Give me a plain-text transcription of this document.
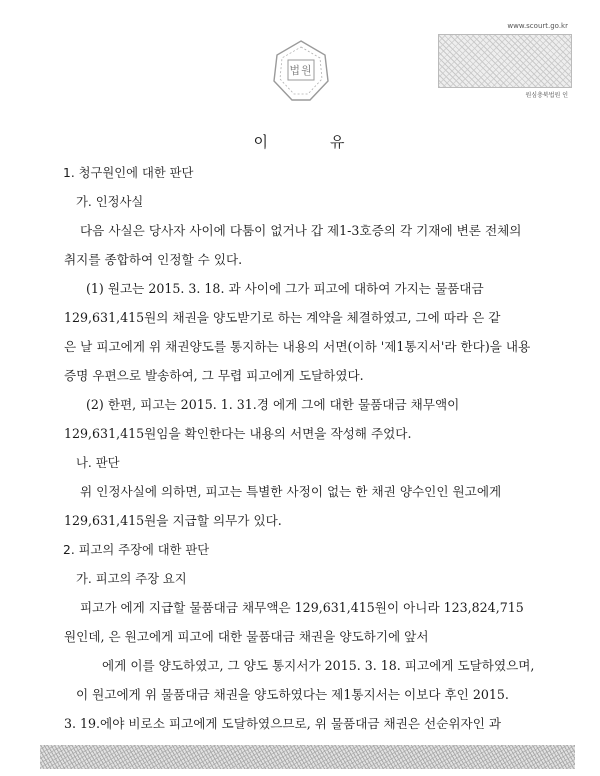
법원
www.scourt.go.kr
원심충북법원 인
이	유
1. 청구원인에 대한 판단
가. 인정사실
다음 사실은 당사자 사이에 다툼이 없거나 갑 제1-3호증의 각 기재에 변론 전체의
취지를 종합하여 인정할 수 있다.
(1) 원고는 2015. 3. 18. 과 사이에 그가 피고에 대하여 가지는 물품대금
129,631,415원의 채권을 양도받기로 하는 계약을 체결하였고, 그에 따라 은 같
은 날 피고에게 위 채권양도를 통지하는 내용의 서면(이하 '제1통지서'라 한다)을 내용
증명 우편으로 발송하여, 그 무렵 피고에게 도달하였다.
(2) 한편, 피고는 2015. 1. 31.경 에게 그에 대한 물품대금 채무액이
129,631,415원임을 확인한다는 내용의 서면을 작성해 주었다.
나. 판단
위 인정사실에 의하면, 피고는 특별한 사정이 없는 한 채권 양수인인 원고에게
129,631,415원을 지급할 의무가 있다.
2. 피고의 주장에 대한 판단
가. 피고의 주장 요지
피고가 에게 지급할 물품대금 채무액은 129,631,415원이 아니라 123,824,715
원인데, 은 원고에게 피고에 대한 물품대금 채권을 양도하기에 앞서
에게 이를 양도하였고, 그 양도 통지서가 2015. 3. 18. 피고에게 도달하였으며,
이 원고에게 위 물품대금 채권을 양도하였다는 제1통지서는 이보다 후인 2015.
3. 19.에야 비로소 피고에게 도달하였으므로, 위 물품대금 채권은 선순위자인 과
